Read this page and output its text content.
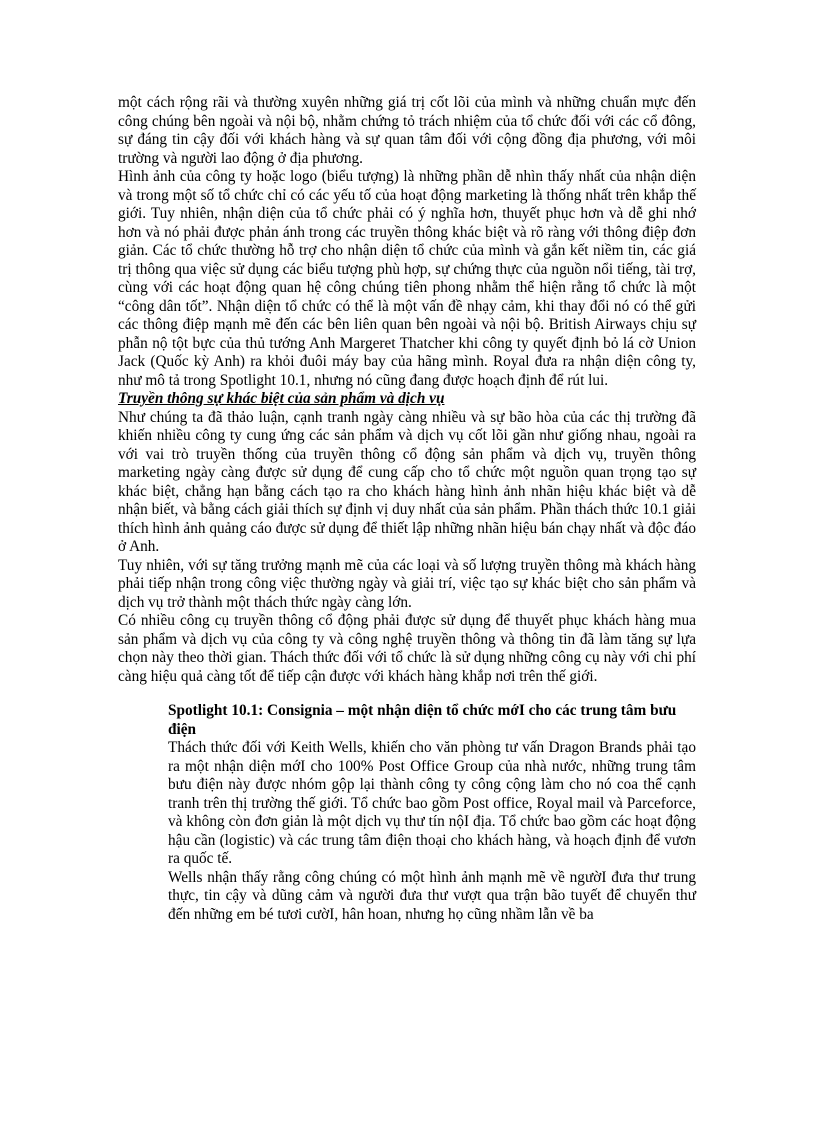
một cách rộng rãi và thường xuyên những giá trị cốt lõi của mình và những chuẩn mực đến công chúng bên ngoài và nội bộ, nhằm chứng tỏ trách nhiệm của tổ chức đối với các cổ đông, sự đáng tin cậy đối với khách hàng và sự quan tâm đối với cộng đồng địa phương, với môi trường và người lao động ở địa phương.

Hình ảnh của công ty hoặc logo (biểu tượng) là những phần dễ nhìn thấy nhất của nhận diện và trong một số tổ chức chỉ có các yếu tố của hoạt động marketing là thống nhất trên khắp thế giới. Tuy nhiên, nhận diện của tổ chức phải có ý nghĩa hơn, thuyết phục hơn và dễ ghi nhớ hơn và nó phải được phản ánh trong các truyền thông khác biệt và rõ ràng với thông điệp đơn giản. Các tổ chức thường hỗ trợ cho nhận diện tổ chức của mình và gắn kết niềm tin, các giá trị thông qua việc sử dụng các biểu tượng phù hợp, sự chứng thực của nguồn nổi tiếng, tài trợ, cùng với các hoạt động quan hệ công chúng tiên phong nhằm thể hiện rằng tổ chức là một “công dân tốt”. Nhận diện tổ chức có thể là một vấn đề nhạy cảm, khi thay đổi nó có thể gửi các thông điệp mạnh mẽ đến các bên liên quan bên ngoài và nội bộ. British Airways chịu sự phẫn nộ tột bực của thủ tướng Anh Margeret Thatcher khi công ty quyết định bỏ lá cờ Union Jack (Quốc kỳ Anh) ra khỏi đuôi máy bay của hãng mình. Royal đưa ra nhận diện công ty, như mô tả trong Spotlight 10.1, nhưng nó cũng đang được hoạch định để rút lui.

Truyền thông sự khác biệt của sản phẩm và dịch vụ

Như chúng ta đã thảo luận, cạnh tranh ngày càng nhiều và sự bão hòa của các thị trường đã khiến nhiều công ty cung ứng các sản phẩm và dịch vụ cốt lõi gần như giống nhau, ngoài ra với vai trò truyền thống của truyền thông cổ động sản phẩm và dịch vụ, truyền thông marketing ngày càng được sử dụng để cung cấp cho tổ chức một nguồn quan trọng tạo sự khác biệt, chẳng hạn bằng cách tạo ra cho khách hàng hình ảnh nhãn hiệu khác biệt và dễ nhận biết, và bằng cách giải thích sự định vị duy nhất của sản phẩm. Phần thách thức 10.1 giải thích hình ảnh quảng cáo được sử dụng để thiết lập những nhãn hiệu bán chạy nhất và độc đáo ở Anh.

Tuy nhiên, với sự tăng trưởng mạnh mẽ của các loại và số lượng truyền thông mà khách hàng phải tiếp nhận trong công việc thường ngày và giải trí, việc tạo sự khác biệt cho sản phẩm và dịch vụ trở thành một thách thức ngày càng lớn.

Có nhiều công cụ truyền thông cổ động phải được sử dụng để thuyết phục khách hàng mua sản phẩm và dịch vụ của công ty và công nghệ truyền thông và thông tin đã làm tăng sự lựa chọn này theo thời gian. Thách thức đối với tổ chức là sử dụng những công cụ này với chi phí càng hiệu quả càng tốt để tiếp cận được với khách hàng khắp nơi trên thế giới.

Spotlight 10.1: Consignia – một nhận diện tổ chức mớI cho các trung tâm bưu điện

Thách thức đối với Keith Wells, khiến cho văn phòng tư vấn Dragon Brands phải tạo ra một nhận diện mớI cho 100% Post Office Group của nhà nước, những trung tâm bưu điện này được nhóm gộp lại thành công ty công cộng làm cho nó coa thể cạnh tranh trên thị trường thế giới. Tổ chức bao gồm Post office, Royal mail và Parceforce, và không còn đơn giản là một dịch vụ thư tín nộI địa. Tổ chức bao gồm các hoạt động hậu cần (logistic) và các trung tâm điện thoại cho khách hàng, và hoạch định để vươn ra quốc tế.

Wells nhận thấy rằng công chúng có một hình ảnh mạnh mẽ về ngườI đưa thư trung thực, tin cậy và dũng cảm và người đưa thư vượt qua trận bão tuyết để chuyển thư đến những em bé tươi cườI, hân hoan, nhưng họ cũng nhầm lẫn về ba
